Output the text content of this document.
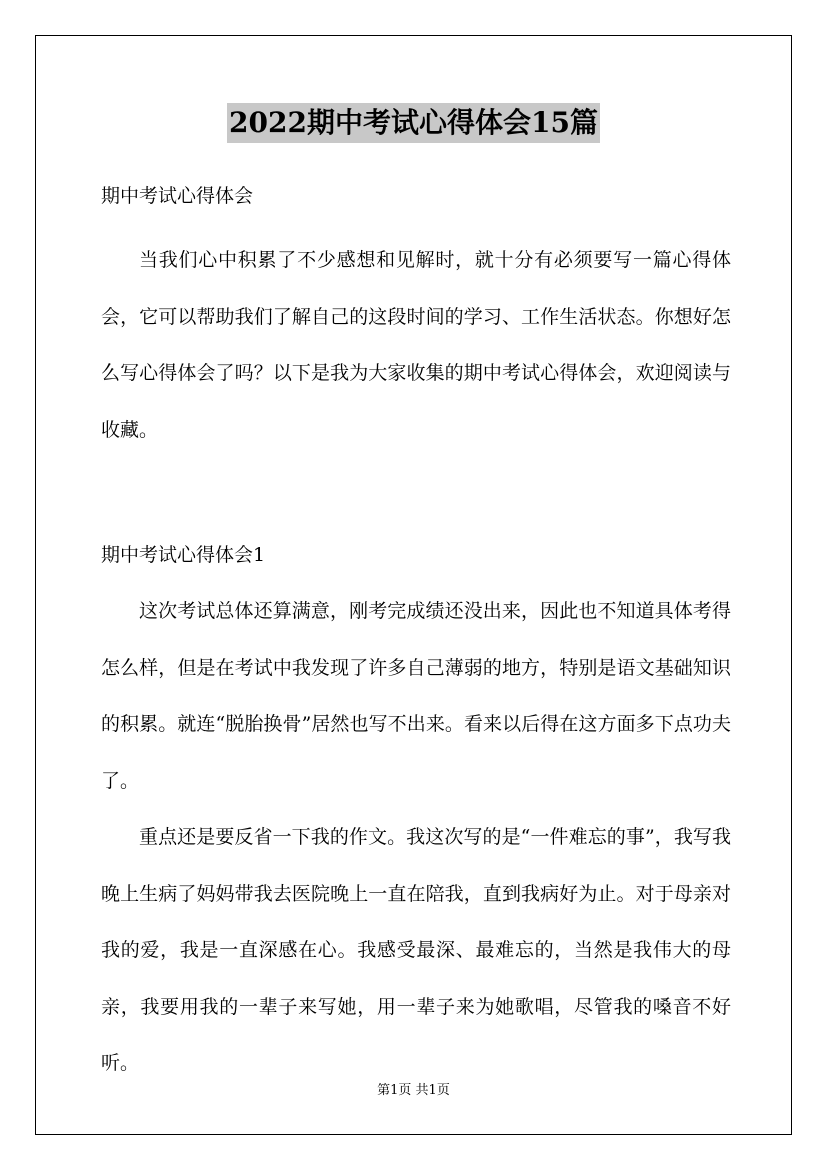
2022期中考试心得体会15篇

期中考试心得体会

当我们心中积累了不少感想和见解时，就十分有必须要写一篇心得体会，它可以帮助我们了解自己的这段时间的学习、工作生活状态。你想好怎么写心得体会了吗？以下是我为大家收集的期中考试心得体会，欢迎阅读与收藏。

期中考试心得体会1

这次考试总体还算满意，刚考完成绩还没出来，因此也不知道具体考得怎么样，但是在考试中我发现了许多自己薄弱的地方，特别是语文基础知识的积累。就连“脱胎换骨”居然也写不出来。看来以后得在这方面多下点功夫了。

重点还是要反省一下我的作文。我这次写的是“一件难忘的事”，我写我晚上生病了妈妈带我去医院晚上一直在陪我，直到我病好为止。对于母亲对我的爱，我是一直深感在心。我感受最深、最难忘的，当然是我伟大的母亲，我要用我的一辈子来写她，用一辈子来为她歌唱，尽管我的嗓音不好听。

第1页 共1页
